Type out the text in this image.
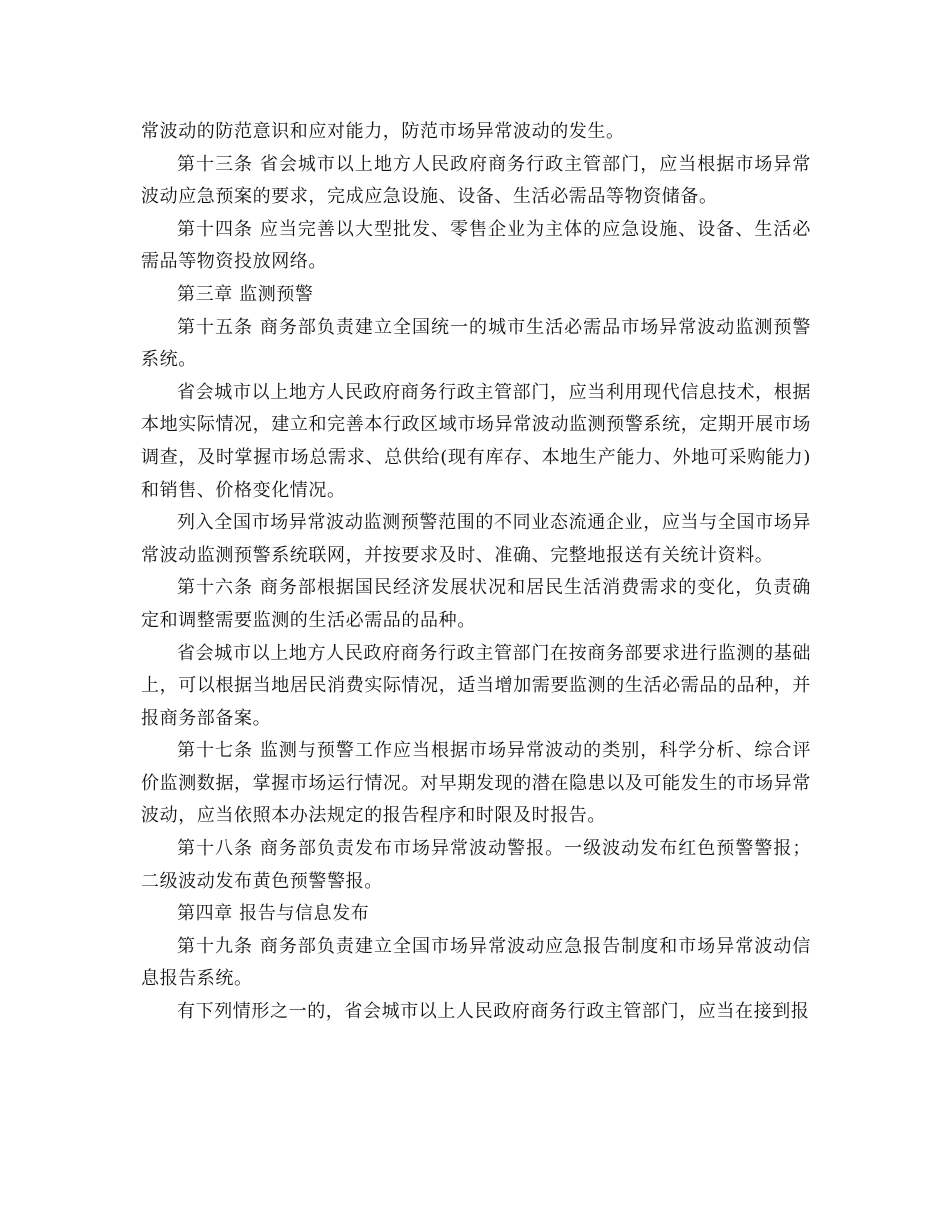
常波动的防范意识和应对能力，防范市场异常波动的发生。

第十三条 省会城市以上地方人民政府商务行政主管部门，应当根据市场异常波动应急预案的要求，完成应急设施、设备、生活必需品等物资储备。

第十四条 应当完善以大型批发、零售企业为主体的应急设施、设备、生活必需品等物资投放网络。

第三章 监测预警

第十五条 商务部负责建立全国统一的城市生活必需品市场异常波动监测预警系统。

省会城市以上地方人民政府商务行政主管部门，应当利用现代信息技术，根据本地实际情况，建立和完善本行政区域市场异常波动监测预警系统，定期开展市场调查，及时掌握市场总需求、总供给(现有库存、本地生产能力、外地可采购能力)和销售、价格变化情况。

列入全国市场异常波动监测预警范围的不同业态流通企业，应当与全国市场异常波动监测预警系统联网，并按要求及时、准确、完整地报送有关统计资料。

第十六条 商务部根据国民经济发展状况和居民生活消费需求的变化，负责确定和调整需要监测的生活必需品的品种。

省会城市以上地方人民政府商务行政主管部门在按商务部要求进行监测的基础上，可以根据当地居民消费实际情况，适当增加需要监测的生活必需品的品种，并报商务部备案。

第十七条 监测与预警工作应当根据市场异常波动的类别，科学分析、综合评价监测数据，掌握市场运行情况。对早期发现的潜在隐患以及可能发生的市场异常波动，应当依照本办法规定的报告程序和时限及时报告。

第十八条 商务部负责发布市场异常波动警报。一级波动发布红色预警警报；二级波动发布黄色预警警报。

第四章 报告与信息发布

第十九条 商务部负责建立全国市场异常波动应急报告制度和市场异常波动信息报告系统。

有下列情形之一的，省会城市以上人民政府商务行政主管部门，应当在接到报
